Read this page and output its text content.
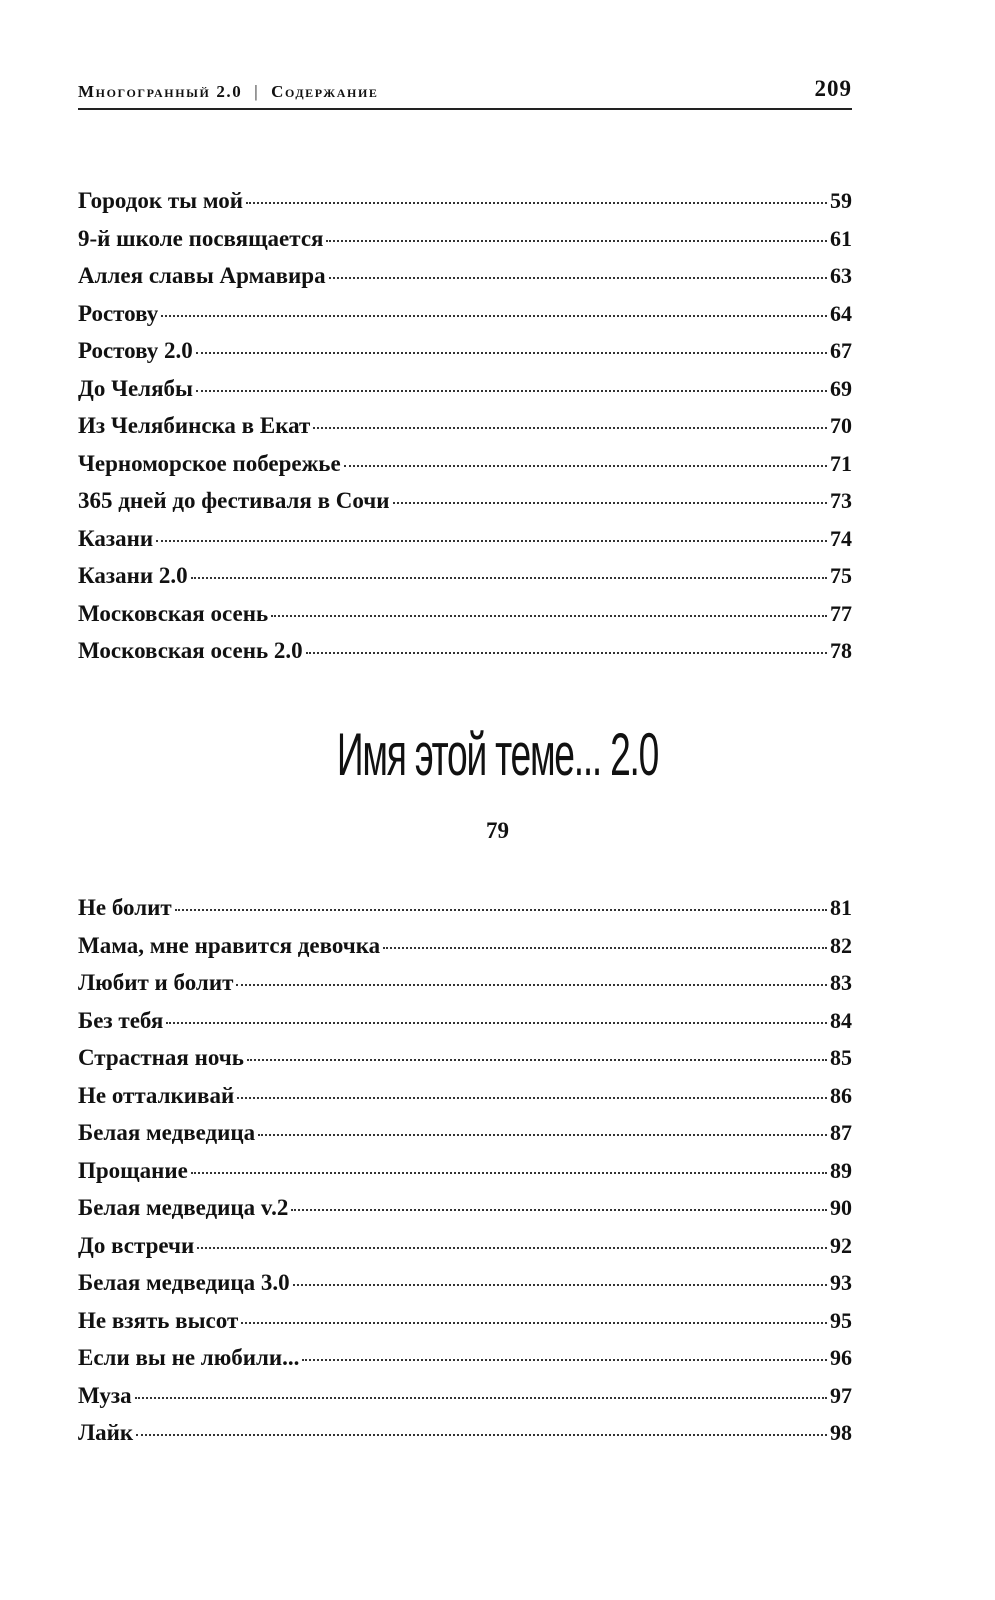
Многогранный 2.0 | Содержание	209
Городок ты мой	59
9-й школе посвящается	61
Аллея славы Армавира	63
Ростову	64
Ростову 2.0	67
До Челябы	69
Из Челябинска в Екат	70
Черноморское побережье	71
365 дней до фестиваля в Сочи	73
Казани	74
Казани 2.0	75
Московская осень	77
Московская осень 2.0	78
Имя этой теме... 2.0
79
Не болит	81
Мама, мне нравится девочка	82
Любит и болит	83
Без тебя	84
Страстная ночь	85
Не отталкивай	86
Белая медведица	87
Прощание	89
Белая медведица v.2	90
До встречи	92
Белая медведица 3.0	93
Не взять высот	95
Если вы не любили...	96
Муза	97
Лайк	98
